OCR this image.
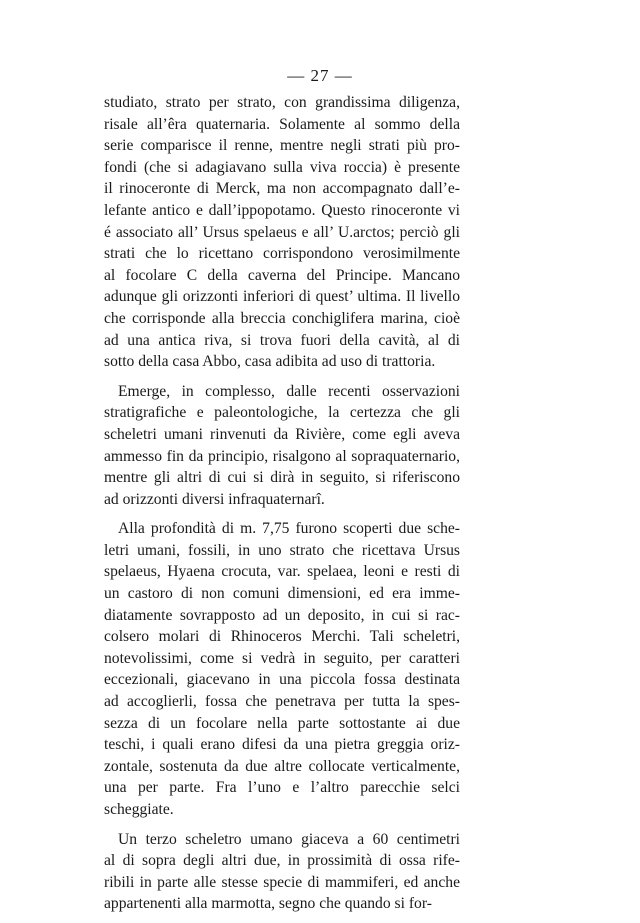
— 27 —

studiato, strato per strato, con grandissima diligenza,
risale all’êra quaternaria. Solamente al sommo della
serie comparisce il renne, mentre negli strati più pro-
fondi (che si adagiavano sulla viva roccia) è presente
il rinoceronte di Merck, ma non accompagnato dall’e-
lefante antico e dall’ippopotamo. Questo rinoceronte vi
é associato all’ Ursus spelaeus e all’ U.arctos; perciò gli
strati che lo ricettano corrispondono verosimilmente
al focolare C della caverna del Principe. Mancano
adunque gli orizzonti inferiori di quest’ ultima. Il livello
che corrisponde alla breccia conchiglifera marina, cioè
ad una antica riva, si trova fuori della cavità, al di
sotto della casa Abbo, casa adibita ad uso di trattoria.

Emerge, in complesso, dalle recenti osservazioni
stratigrafiche e paleontologiche, la certezza che gli
scheletri umani rinvenuti da Rivière, come egli aveva
ammesso fin da principio, risalgono al sopraquaternario,
mentre gli altri di cui si dirà in seguito, si riferiscono
ad orizzonti diversi infraquaternarî.

Alla profondità di m. 7,75 furono scoperti due sche-
letri umani, fossili, in uno strato che ricettava Ursus
spelaeus, Hyaena crocuta, var. spelaea, leoni e resti di
un castoro di non comuni dimensioni, ed era imme-
diatamente sovrapposto ad un deposito, in cui si rac-
colsero molari di Rhinoceros Merchi. Tali scheletri,
notevolissimi, come si vedrà in seguito, per caratteri
eccezionali, giacevano in una piccola fossa destinata
ad accoglierli, fossa che penetrava per tutta la spes-
sezza di un focolare nella parte sottostante ai due
teschi, i quali erano difesi da una pietra greggia oriz-
zontale, sostenuta da due altre collocate verticalmente,
una per parte. Fra l’uno e l’altro parecchie selci
scheggiate.

Un terzo scheletro umano giaceva a 60 centimetri
al di sopra degli altri due, in prossimità di ossa rife-
ribili in parte alle stesse specie di mammiferi, ed anche
appartenenti alla marmotta, segno che quando si for-
